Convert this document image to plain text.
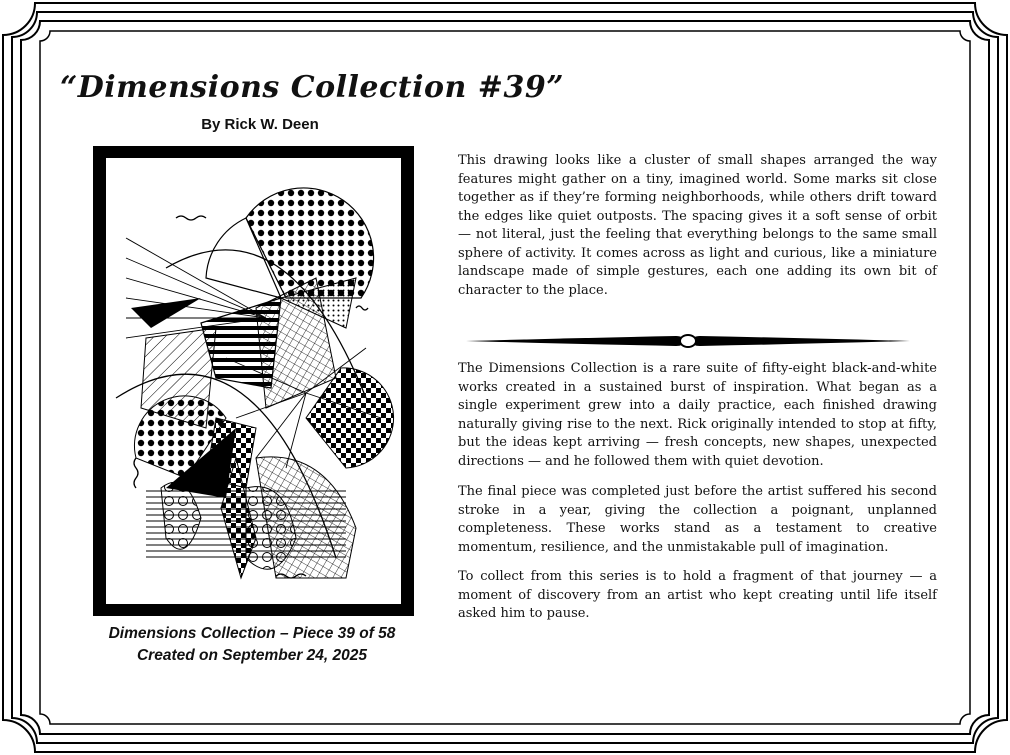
“Dimensions Collection #39”
By Rick W. Deen
Dimensions Collection – Piece 39 of 58
Created on September 24, 2025

This drawing looks like a cluster of small shapes arranged the way features might gather on a tiny, imagined world. Some marks sit close together as if they’re forming neighborhoods, while others drift toward the edges like quiet outposts. The spacing gives it a soft sense of orbit — not literal, just the feeling that everything belongs to the same small sphere of activity. It comes across as light and curious, like a miniature landscape made of simple gestures, each one adding its own bit of character to the place.

The Dimensions Collection is a rare suite of fifty-eight black-and-white works created in a sustained burst of inspiration. What began as a single experiment grew into a daily practice, each finished drawing naturally giving rise to the next. Rick originally intended to stop at fifty, but the ideas kept arriving — fresh concepts, new shapes, unexpected directions — and he followed them with quiet devotion.

The final piece was completed just before the artist suffered his second stroke in a year, giving the collection a poignant, unplanned completeness. These works stand as a testament to creative momentum, resilience, and the unmistakable pull of imagination.

To collect from this series is to hold a fragment of that journey — a moment of discovery from an artist who kept creating until life itself asked him to pause.
